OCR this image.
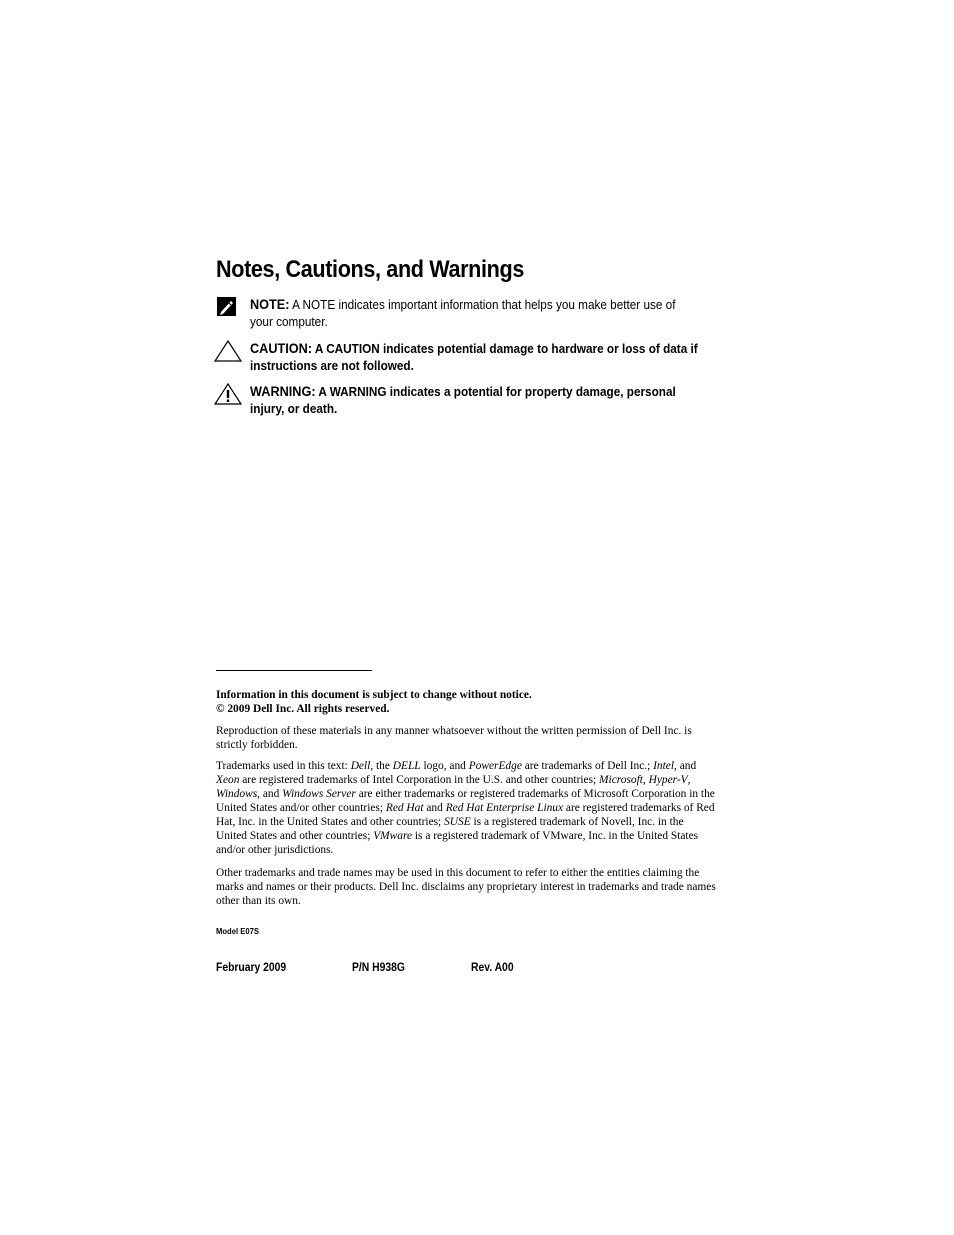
Notes, Cautions, and Warnings
NOTE: A NOTE indicates important information that helps you make better use of your computer.
CAUTION: A CAUTION indicates potential damage to hardware or loss of data if instructions are not followed.
WARNING: A WARNING indicates a potential for property damage, personal injury, or death.

Information in this document is subject to change without notice.

© 2009 Dell Inc. All rights reserved.

Reproduction of these materials in any manner whatsoever without the written permission of Dell Inc. is strictly forbidden.

Trademarks used in this text: Dell, the DELL logo, and PowerEdge are trademarks of Dell Inc.; Intel, and Xeon are registered trademarks of Intel Corporation in the U.S. and other countries; Microsoft, Hyper-V, Windows, and Windows Server are either trademarks or registered trademarks of Microsoft Corporation in the United States and/or other countries; Red Hat and Red Hat Enterprise Linux are registered trademarks of Red Hat, Inc. in the United States and other countries; SUSE is a registered trademark of Novell, Inc. in the United States and other countries; VMware is a registered trademark of VMware, Inc. in the United States and/or other jurisdictions.

Other trademarks and trade names may be used in this document to refer to either the entities claiming the marks and names or their products. Dell Inc. disclaims any proprietary interest in trademarks and trade names other than its own.

Model E07S
February 2009	P/N H938G	Rev. A00
